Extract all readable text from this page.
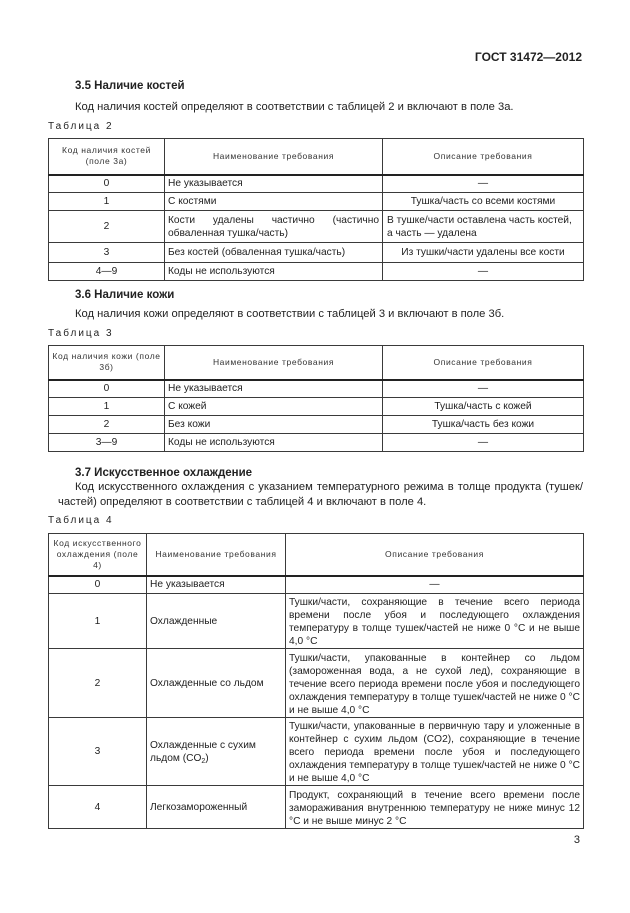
ГОСТ 31472—2012
3.5 Наличие костей
Код наличия костей определяют в соответствии с таблицей 2 и включают в поле 3а.
Таблица 2
Код наличия костей (поле 3а)	Наименование требования	Описание требования
0	Не указывается	—
1	С костями	Тушка/часть со всеми костями
2	Кости удалены частично (частично обваленная тушка/часть)	В тушке/части оставлена часть костей, а часть — удалена
3	Без костей (обваленная тушка/часть)	Из тушки/части удалены все кости
4—9	Коды не используются	—
3.6 Наличие кожи
Код наличия кожи определяют в соответствии с таблицей 3 и включают в поле 3б.
Таблица 3
Код наличия кожи (поле 3б)	Наименование требования	Описание требования
0	Не указывается	—
1	С кожей	Тушка/часть с кожей
2	Без кожи	Тушка/часть без кожи
3—9	Коды не используются	—
3.7 Искусственное охлаждение
Код искусственного охлаждения с указанием температурного режима в толще продукта (тушек/частей) определяют в соответствии с таблицей 4 и включают в поле 4.
Таблица 4
Код искусственного охлаждения (поле 4)	Наименование требования	Описание требования
0	Не указывается	—
1	Охлажденные	Тушки/части, сохраняющие в течение всего периода времени после убоя и последующего охлаждения температуру в толще тушек/частей не ниже 0 °С и не выше 4,0 °С
2	Охлажденные со льдом	Тушки/части, упакованные в контейнер со льдом (замороженная вода, а не сухой лед), сохраняющие в течение всего периода времени после убоя и последующего охлаждения температуру в толще тушек/частей не ниже 0 °С и не выше 4,0 °С
3	Охлажденные с сухим льдом $(CO_2)$	Тушки/части, упакованные в первичную тару и уложенные в контейнер с сухим льдом (CO2), сохраняющие в течение всего периода времени после убоя и последующего охлаждения температуру в толще тушек/частей не ниже 0 °С и не выше 4,0 °С
4	Легкозамороженный	Продукт, сохраняющий в течение всего времени после замораживания внутреннюю температуру не ниже минус 12 °С и не выше минус 2 °С
3
